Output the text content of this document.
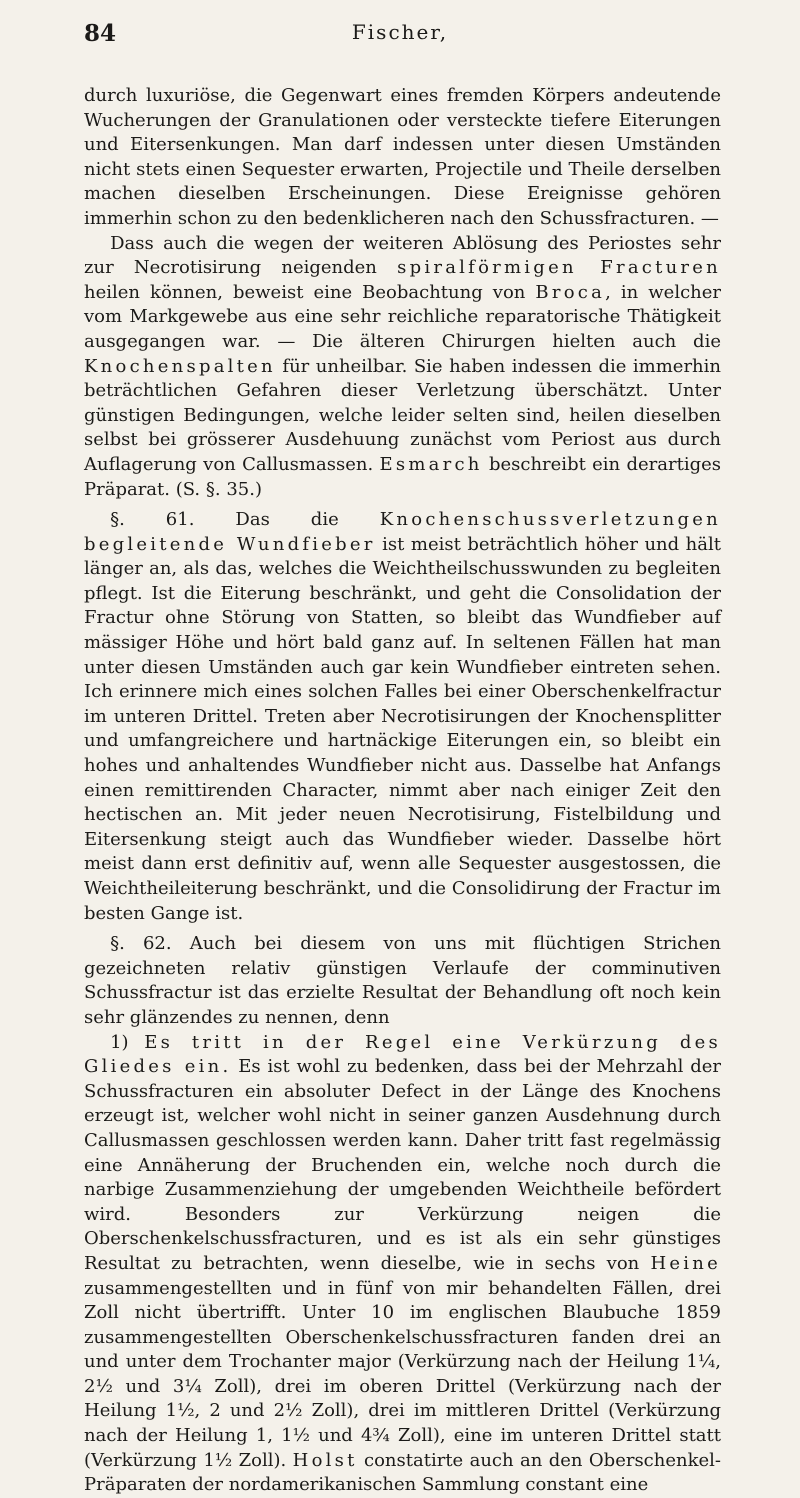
84	Fischer,

durch luxuriöse, die Gegenwart eines fremden Körpers andeutende Wucherungen der Granulationen oder versteckte tiefere Eiterungen und Eitersenkungen. Man darf indessen unter diesen Umständen nicht stets einen Sequester erwarten, Projectile und Theile derselben machen dieselben Erscheinungen. Diese Ereignisse gehören immerhin schon zu den bedenklicheren nach den Schussfracturen. —

Dass auch die wegen der weiteren Ablösung des Periostes sehr zur Necrotisirung neigenden spiralförmigen Fracturen heilen können, beweist eine Beobachtung von Broca, in welcher vom Markgewebe aus eine sehr reichliche reparatorische Thätigkeit ausgegangen war. — Die älteren Chirurgen hielten auch die Knochenspalten für unheilbar. Sie haben indessen die immerhin beträchtlichen Gefahren dieser Verletzung überschätzt. Unter günstigen Bedingungen, welche leider selten sind, heilen dieselben selbst bei grösserer Ausdehuung zunächst vom Periost aus durch Auflagerung von Callusmassen. Esmarch beschreibt ein derartiges Präparat. (S. §. 35.)

§. 61. Das die Knochenschussverletzungen begleitende Wundfieber ist meist beträchtlich höher und hält länger an, als das, welches die Weichtheilschusswunden zu begleiten pflegt. Ist die Eiterung beschränkt, und geht die Consolidation der Fractur ohne Störung von Statten, so bleibt das Wundfieber auf mässiger Höhe und hört bald ganz auf. In seltenen Fällen hat man unter diesen Umständen auch gar kein Wundfieber eintreten sehen. Ich erinnere mich eines solchen Falles bei einer Oberschenkelfractur im unteren Drittel. Treten aber Necrotisirungen der Knochensplitter und umfangreichere und hartnäckige Eiterungen ein, so bleibt ein hohes und anhaltendes Wundfieber nicht aus. Dasselbe hat Anfangs einen remittirenden Character, nimmt aber nach einiger Zeit den hectischen an. Mit jeder neuen Necrotisirung, Fistelbildung und Eitersenkung steigt auch das Wundfieber wieder. Dasselbe hört meist dann erst definitiv auf, wenn alle Sequester ausgestossen, die Weichtheileiterung beschränkt, und die Consolidirung der Fractur im besten Gange ist.

§. 62. Auch bei diesem von uns mit flüchtigen Strichen gezeichneten relativ günstigen Verlaufe der comminutiven Schussfractur ist das erzielte Resultat der Behandlung oft noch kein sehr glänzendes zu nennen, denn

1) Es tritt in der Regel eine Verkürzung des Gliedes ein. Es ist wohl zu bedenken, dass bei der Mehrzahl der Schussfracturen ein absoluter Defect in der Länge des Knochens erzeugt ist, welcher wohl nicht in seiner ganzen Ausdehnung durch Callusmassen geschlossen werden kann. Daher tritt fast regelmässig eine Annäherung der Bruchenden ein, welche noch durch die narbige Zusammenziehung der umgebenden Weichtheile befördert wird. Besonders zur Verkürzung neigen die Oberschenkelschussfracturen, und es ist als ein sehr günstiges Resultat zu betrachten, wenn dieselbe, wie in sechs von Heine zusammengestellten und in fünf von mir behandelten Fällen, drei Zoll nicht übertrifft. Unter 10 im englischen Blaubuche 1859 zusammengestellten Oberschenkelschussfracturen fanden drei an und unter dem Trochanter major (Verkürzung nach der Heilung 1¼, 2½ und 3¼ Zoll), drei im oberen Drittel (Verkürzung nach der Heilung 1½, 2 und 2½ Zoll), drei im mittleren Drittel (Verkürzung nach der Heilung 1, 1½ und 4¾ Zoll), eine im unteren Drittel statt (Verkürzung 1½ Zoll). Holst constatirte auch an den Oberschenkel-Präparaten der nordamerikanischen Sammlung constant eine
